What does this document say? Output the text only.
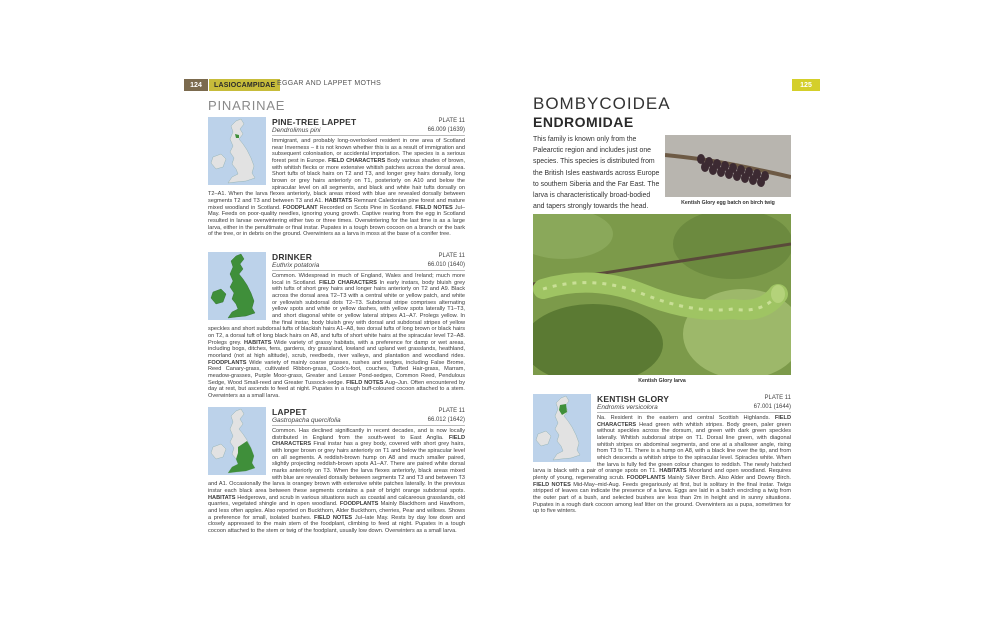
124	LASIOCAMPIDAE EGGAR AND LAPPET MOTHS	125
PINARINAE
PINE-TREE LAPPET
Dendrolimus pini
PLATE 11
66.009 (1639)
Immigrant, and probably long-overlooked resident in one area of Scotland near Inverness – it is not known whether this is as a result of immigration and subsequent colonisation, or accidental importation. The species is a serious forest pest in Europe. FIELD CHARACTERS Body various shades of brown, with whitish flecks or more extensive whitish patches across the dorsal area. Short tufts of black hairs on T2 and T3, and longer grey hairs dorsally, long brown or grey hairs anteriorly on T1, posteriorly on A10 and below the spiracular level on all segments, and black and white hair tufts dorsally on T2–A1. When the larva flexes anteriorly, black areas mixed with blue are revealed dorsally between segments T2 and T3 and between T3 and A1. HABITATS Remnant Caledonian pine forest and mature mixed woodland in Scotland. FOODPLANT Recorded on Scots Pine in Scotland. FIELD NOTES Jul–May. Feeds on poor-quality needles, ignoring young growth. Captive rearing from the egg in Scotland resulted in larvae overwintering either two or three times. Overwintering for the last time is as a large larva, either in the penultimate or final instar. Pupates in a tough brown cocoon on a branch or the bark of the tree, or in debris on the ground. Overwinters as a larva in moss at the base of a conifer tree.
DRINKER
Euthrix potatoria
PLATE 11
66.010 (1640)
Common. Widespread in much of England, Wales and Ireland; much more local in Scotland. FIELD CHARACTERS In early instars, body bluish grey with tufts of short grey hairs and longer hairs anteriorly on T2 and A9. Black across the dorsal area T2–T3 with a central white or yellow patch, and white or yellowish subdorsal dots T2–T3. Subdorsal stripe comprises alternating yellow spots and white or yellow dashes, with yellow spots laterally T1–T3, and short diagonal white or yellow lateral stripes A1–A7. Prolegs yellow. In the final instar, body bluish grey with dorsal and subdorsal stripes of yellow speckles and short subdorsal tufts of blackish hairs A1–A8, two dorsal tufts of long brown or black hairs on T2, a dorsal tuft of long black hairs on A8, and tufts of short white hairs at the spiracular level T2–A8. Prolegs grey. HABITATS Wide variety of grassy habitats, with a preference for damp or wet areas, including bogs, ditches, fens, gardens, dry grassland, lowland and upland wet grasslands, heathland, moorland (not at high altitude), scrub, reedbeds, river valleys, and plantation and woodland rides. FOODPLANTS Wide variety of mainly coarse grasses, rushes and sedges, including False Brome, Reed Canary-grass, cultivated Ribbon-grass, Cock's-foot, couches, Tufted Hair-grass, Marram, meadow-grasses, Purple Moor-grass, Greater and Lesser Pond-sedges, Common Reed, Pendulous Sedge, Wood Small-reed and Greater Tussock-sedge. FIELD NOTES Aug–Jun. Often encountered by day at rest, but ascends to feed at night. Pupates in a tough buff-coloured cocoon attached to a stem. Overwinters as a small larva.
LAPPET
Gastropacha quercifolia
PLATE 11
66.012 (1642)
Common. Has declined significantly in recent decades, and is now locally distributed in England from the south-west to East Anglia. FIELD CHARACTERS Final instar has a grey body, covered with short grey hairs, with longer brown or grey hairs anteriorly on T1 and below the spiracular level on all segments. A reddish-brown hump on A8 and much smaller paired, slightly projecting reddish-brown spots A1–A7. There are paired white dorsal marks anteriorly on T3. When the larva flexes anteriorly, black areas mixed with blue are revealed dorsally between segments T2 and T3 and between T3 and A1. Occasionally the larva is orangey brown with extensive white patches laterally. In the previous instar each black area between these segments contains a pair of bright orange subdorsal spots. HABITATS Hedgerows, and scrub in various situations such as coastal and calcareous grasslands, old quarries, vegetated shingle and in open woodland. FOODPLANTS Mainly Blackthorn and Hawthorn, and less often apples. Also reported on Buckthorn, Alder Buckthorn, cherries, Pear and willows. Shows a preference for small, isolated bushes. FIELD NOTES Jul–late May. Rests by day low down and closely appressed to the main stem of the foodplant, climbing to feed at night. Pupates in a tough cocoon attached to the stem or twig of the foodplant, usually low down. Overwinters as a small larva.
BOMBYCOIDEA
ENDROMIDAE
This family is known only from the Palearctic region and includes just one species. This species is distributed from the British Isles eastwards across Europe to southern Siberia and the Far East. The larva is characteristically broad-bodied and tapers strongly towards the head.
Kentish Glory egg batch on birch twig
Kentish Glory larva
KENTISH GLORY
Endromis versicolora
PLATE 11
67.001 (1644)
Na. Resident in the eastern and central Scottish Highlands. FIELD CHARACTERS Head green with whitish stripes. Body green, paler green without speckles across the dorsum, and green with dark green speckles laterally. Whitish subdorsal stripe on T1. Dorsal line green, with diagonal whitish stripes on abdominal segments, and one at a shallower angle, rising from T3 to T1. There is a hump on A8, with a black line over the tip, and from which descends a whitish stripe to the spiracular level. Spiracles white. When the larva is fully fed the green colour changes to reddish. The newly hatched larva is black with a pair of orange spots on T1. HABITATS Moorland and open woodland. Requires plenty of young, regenerating scrub. FOODPLANTS Mainly Silver Birch. Also Alder and Downy Birch. FIELD NOTES Mid-May–mid-Aug. Feeds gregariously at first, but is solitary in the final instar. Twigs stripped of leaves can indicate the presence of a larva. Eggs are laid in a batch encircling a twig from the outer part of a bush, and selected bushes are less than 2m in height and in sunny situations. Pupates in a rough dark cocoon among leaf litter on the ground. Overwinters as a pupa, sometimes for up to five winters.
